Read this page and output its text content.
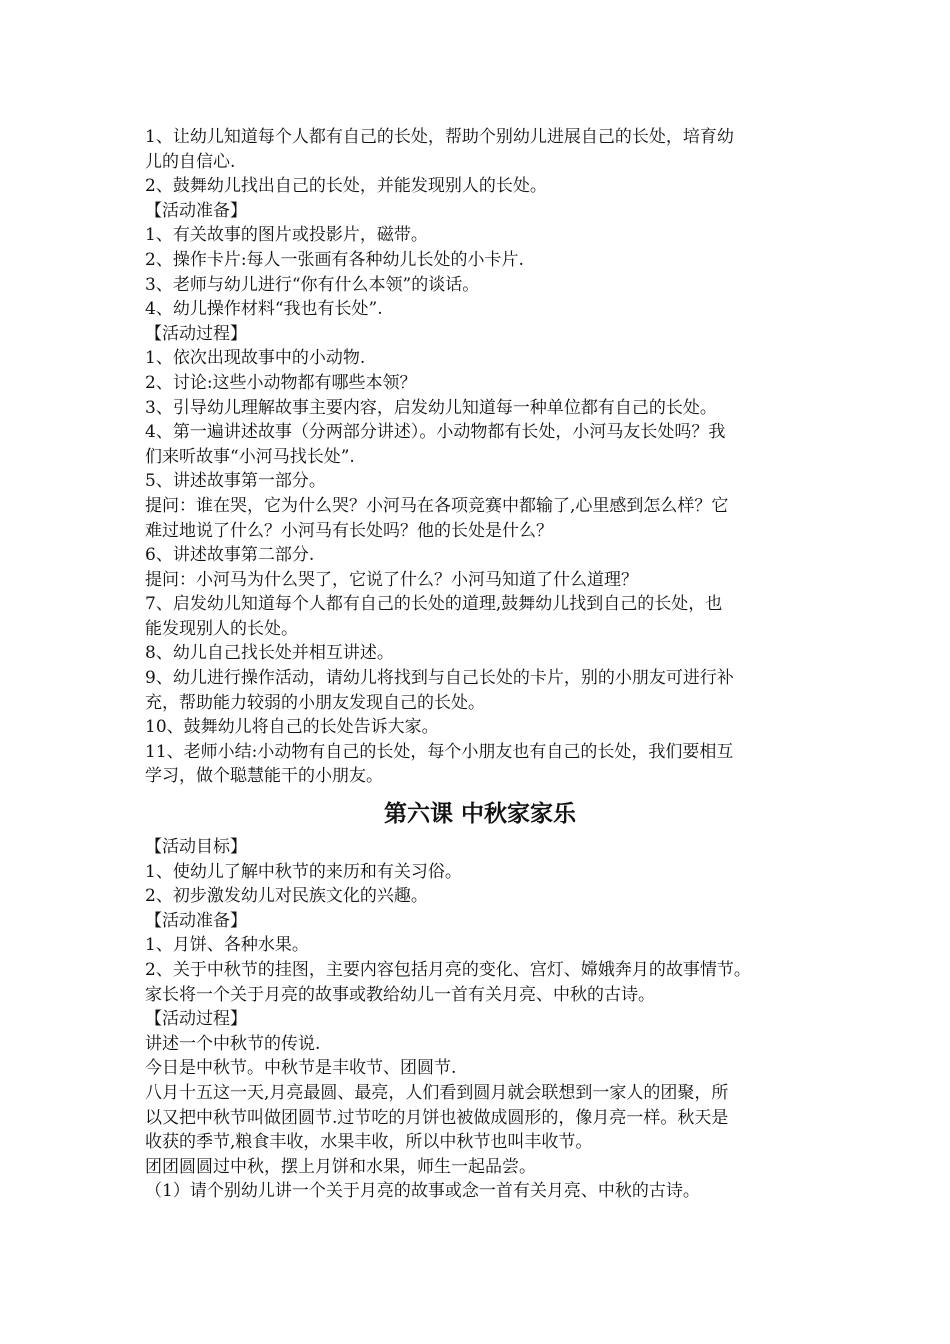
1、让幼儿知道每个人都有自己的长处，帮助个别幼儿进展自己的长处，培育幼
儿的自信心.
2、鼓舞幼儿找出自己的长处，并能发现别人的长处。
【活动准备】
1、有关故事的图片或投影片，磁带。
2、操作卡片:每人一张画有各种幼儿长处的小卡片.
3、老师与幼儿进行“你有什么本领”的谈话。
4、幼儿操作材料“我也有长处”.
【活动过程】
1、依次出现故事中的小动物.
2、讨论:这些小动物都有哪些本领？
3、引导幼儿理解故事主要内容，启发幼儿知道每一种单位都有自己的长处。
4、第一遍讲述故事（分两部分讲述）。小动物都有长处，小河马友长处吗？我
们来听故事“小河马找长处”.
5、讲述故事第一部分。
提问：谁在哭，它为什么哭？小河马在各项竞赛中都输了,心里感到怎么样？它
难过地说了什么？小河马有长处吗？他的长处是什么？
6、讲述故事第二部分.
提问：小河马为什么哭了，它说了什么？小河马知道了什么道理？
7、启发幼儿知道每个人都有自己的长处的道理,鼓舞幼儿找到自己的长处，也
能发现别人的长处。
8、幼儿自己找长处并相互讲述。
9、幼儿进行操作活动，请幼儿将找到与自己长处的卡片，别的小朋友可进行补
充，帮助能力较弱的小朋友发现自己的长处。
10、鼓舞幼儿将自己的长处告诉大家。
11、老师小结:小动物有自己的长处，每个小朋友也有自己的长处，我们要相互
学习，做个聪慧能干的小朋友。
第六课 中秋家家乐
【活动目标】
1、使幼儿了解中秋节的来历和有关习俗。
2、初步激发幼儿对民族文化的兴趣。
【活动准备】
1、月饼、各种水果。
2、关于中秋节的挂图，主要内容包括月亮的变化、宫灯、嫦娥奔月的故事情节。
家长将一个关于月亮的故事或教给幼儿一首有关月亮、中秋的古诗。
【活动过程】
讲述一个中秋节的传说.
今日是中秋节。中秋节是丰收节、团圆节.
八月十五这一天,月亮最圆、最亮，人们看到圆月就会联想到一家人的团聚，所
以又把中秋节叫做团圆节.过节吃的月饼也被做成圆形的，像月亮一样。秋天是
收获的季节,粮食丰收，水果丰收，所以中秋节也叫丰收节。
团团圆圆过中秋，摆上月饼和水果，师生一起品尝。
（1）请个别幼儿讲一个关于月亮的故事或念一首有关月亮、中秋的古诗。
